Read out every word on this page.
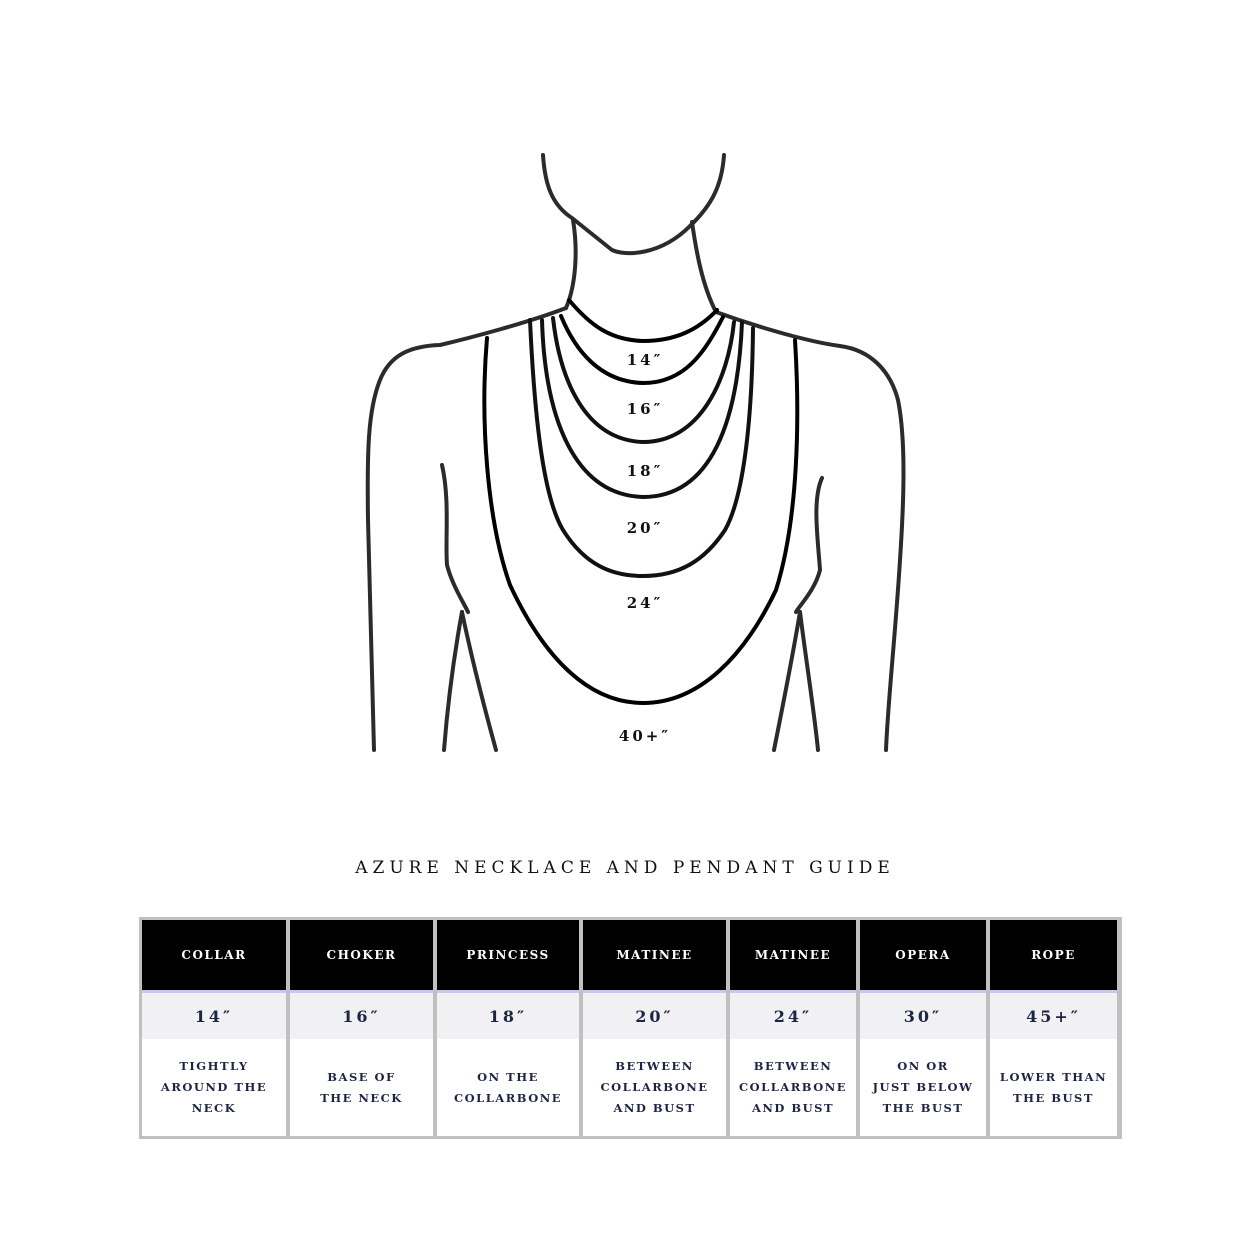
14″
16″
18″
20″
24″
40+″
AZURE NECKLACE AND PENDANT GUIDE
COLLAR
14″
TIGHTLY
AROUND THE
NECK
CHOKER
16″
BASE OF
THE NECK
PRINCESS
18″
ON THE
COLLARBONE
MATINEE
20″
BETWEEN
COLLARBONE
AND BUST
MATINEE
24″
BETWEEN
COLLARBONE
AND BUST
OPERA
30″
ON OR
JUST BELOW
THE BUST
ROPE
45+″
LOWER THAN
THE BUST
